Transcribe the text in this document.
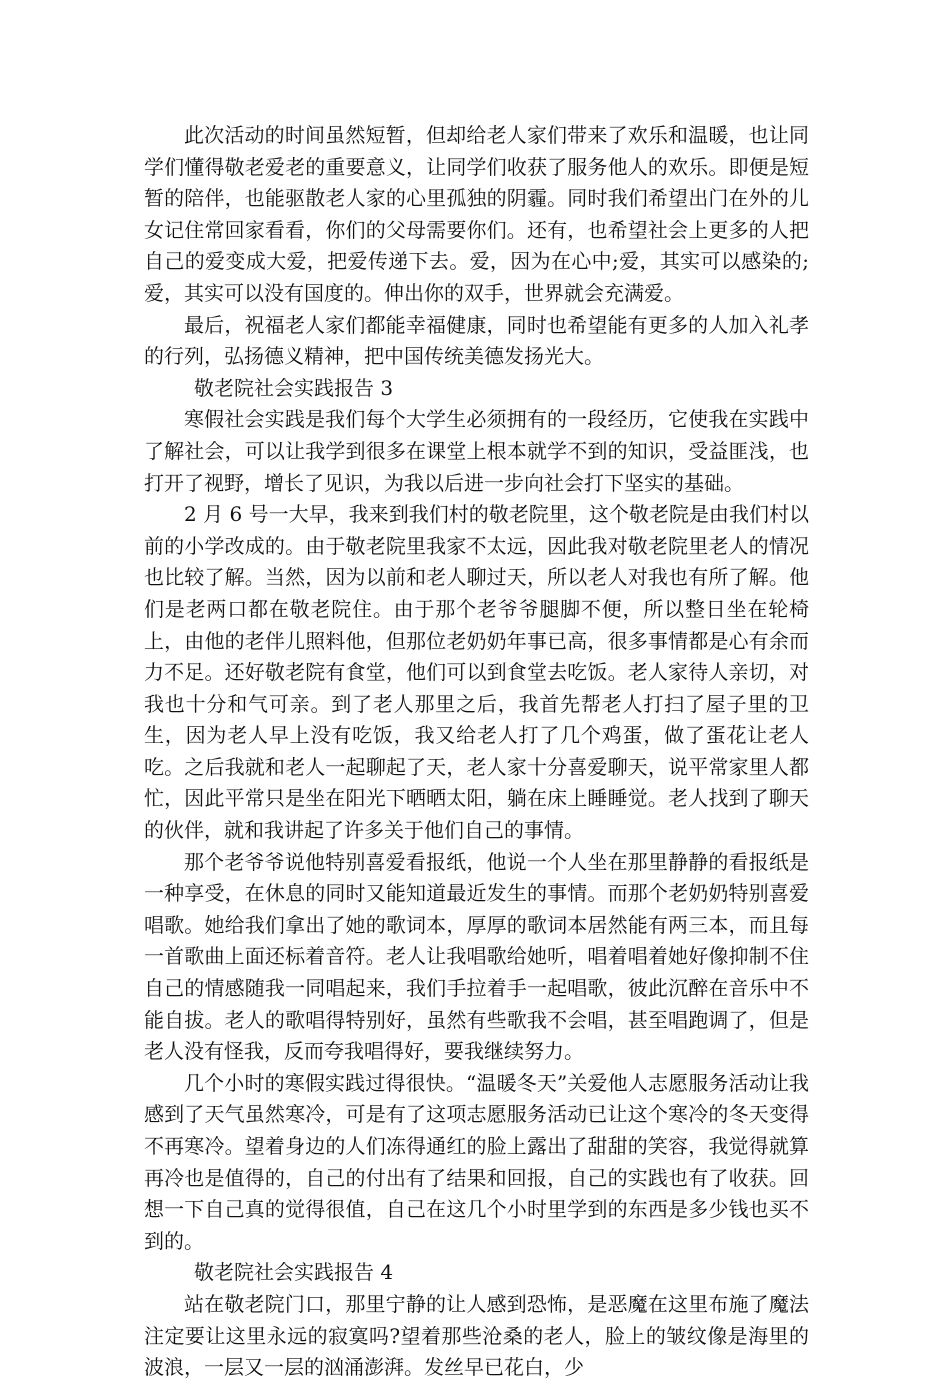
此次活动的时间虽然短暂，但却给老人家们带来了欢乐和温暖，也让同学们懂得敬老爱老的重要意义，让同学们收获了服务他人的欢乐。即便是短暂的陪伴，也能驱散老人家的心里孤独的阴霾。同时我们希望出门在外的儿女记住常回家看看，你们的父母需要你们。还有，也希望社会上更多的人把自己的爱变成大爱，把爱传递下去。爱，因为在心中;爱，其实可以感染的;爱，其实可以没有国度的。伸出你的双手，世界就会充满爱。

最后，祝福老人家们都能幸福健康，同时也希望能有更多的人加入礼孝的行列，弘扬德义精神，把中国传统美德发扬光大。

敬老院社会实践报告 3

寒假社会实践是我们每个大学生必须拥有的一段经历，它使我在实践中了解社会，可以让我学到很多在课堂上根本就学不到的知识，受益匪浅，也打开了视野，增长了见识，为我以后进一步向社会打下坚实的基础。

2 月 6 号一大早，我来到我们村的敬老院里，这个敬老院是由我们村以前的小学改成的。由于敬老院里我家不太远，因此我对敬老院里老人的情况也比较了解。当然，因为以前和老人聊过天，所以老人对我也有所了解。他们是老两口都在敬老院住。由于那个老爷爷腿脚不便，所以整日坐在轮椅上，由他的老伴儿照料他，但那位老奶奶年事已高，很多事情都是心有余而力不足。还好敬老院有食堂，他们可以到食堂去吃饭。老人家待人亲切，对我也十分和气可亲。到了老人那里之后，我首先帮老人打扫了屋子里的卫生，因为老人早上没有吃饭，我又给老人打了几个鸡蛋，做了蛋花让老人吃。之后我就和老人一起聊起了天，老人家十分喜爱聊天，说平常家里人都忙，因此平常只是坐在阳光下晒晒太阳，躺在床上睡睡觉。老人找到了聊天的伙伴，就和我讲起了许多关于他们自己的事情。

那个老爷爷说他特别喜爱看报纸，他说一个人坐在那里静静的看报纸是一种享受，在休息的同时又能知道最近发生的事情。而那个老奶奶特别喜爱唱歌。她给我们拿出了她的歌词本，厚厚的歌词本居然能有两三本，而且每一首歌曲上面还标着音符。老人让我唱歌给她听，唱着唱着她好像抑制不住自己的情感随我一同唱起来，我们手拉着手一起唱歌，彼此沉醉在音乐中不能自拔。老人的歌唱得特别好，虽然有些歌我不会唱，甚至唱跑调了，但是老人没有怪我，反而夸我唱得好，要我继续努力。

几个小时的寒假实践过得很快。“温暖冬天”关爱他人志愿服务活动让我感到了天气虽然寒冷，可是有了这项志愿服务活动已让这个寒冷的冬天变得不再寒冷。望着身边的人们冻得通红的脸上露出了甜甜的笑容，我觉得就算再冷也是值得的，自己的付出有了结果和回报，自己的实践也有了收获。回想一下自己真的觉得很值，自己在这几个小时里学到的东西是多少钱也买不到的。

敬老院社会实践报告 4

站在敬老院门口，那里宁静的让人感到恐怖，是恶魔在这里布施了魔法注定要让这里永远的寂寞吗?望着那些沧桑的老人，脸上的皱纹像是海里的波浪，一层又一层的汹涌澎湃。发丝早已花白，少
